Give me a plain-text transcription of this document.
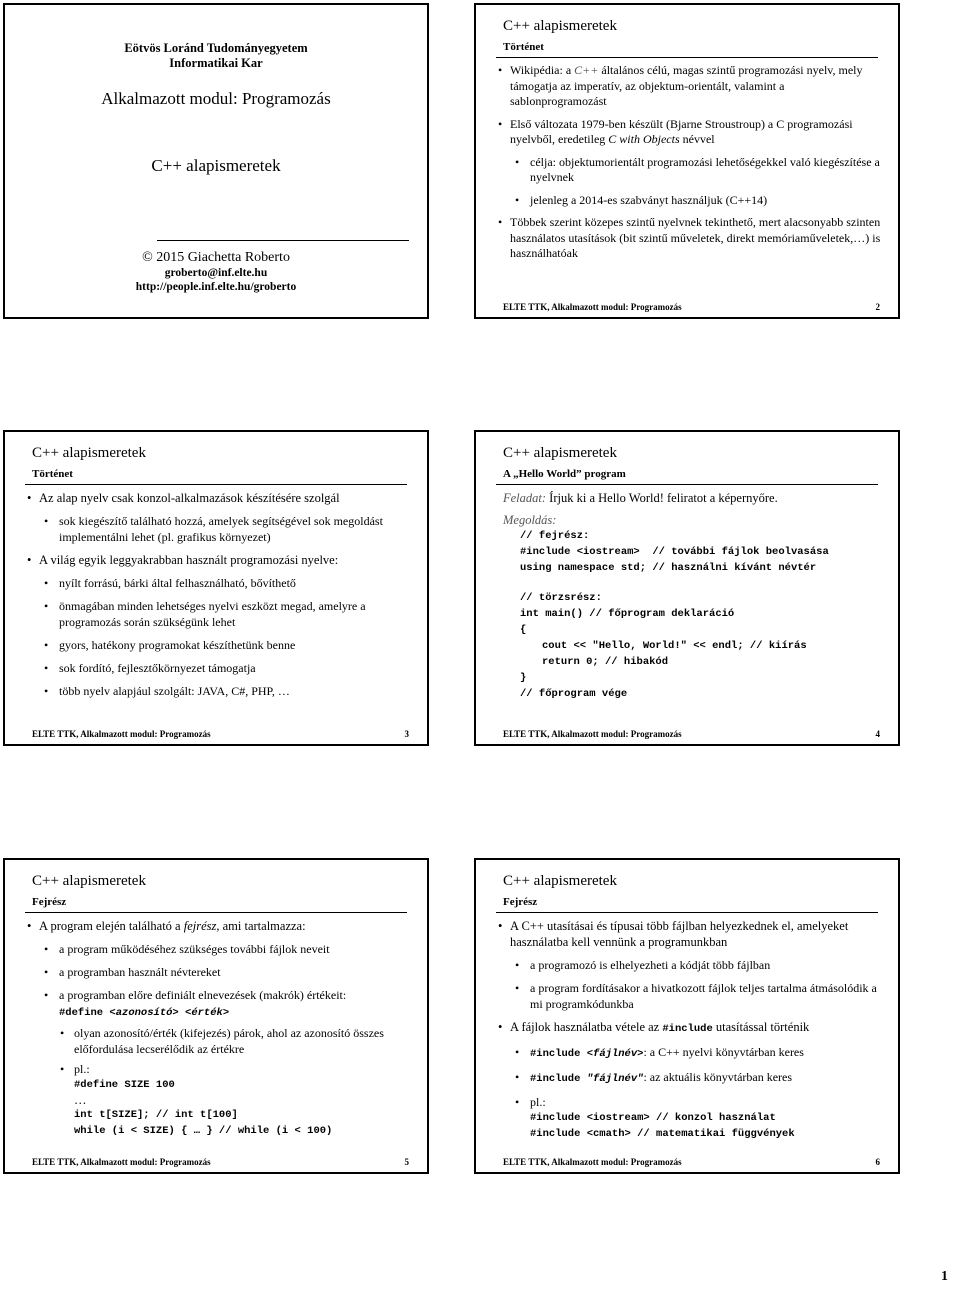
Eötvös Loránd Tudományegyetem
Informatikai Kar
Alkalmazott modul: Programozás
C++ alapismeretek
© 2015 Giachetta Roberto
groberto@inf.elte.hu
http://people.inf.elte.hu/groberto
C++ alapismeretek
Történet
• Wikipédia: a C++ általános célú, magas szintű programozási nyelv, mely támogatja az imperatív, az objektum-orientált, valamint a sablonprogramozást
• Első változata 1979-ben készült (Bjarne Stroustroup) a C programozási nyelvből, eredetileg C with Objects névvel
• célja: objektumorientált programozási lehetőségekkel való kiegészítése a nyelvnek
• jelenleg a 2014-es szabványt használjuk (C++14)
• Többek szerint közepes szintű nyelvnek tekinthető, mert alacsonyabb szinten használatos utasítások (bit szintű műveletek, direkt memóriaműveletek,…) is használhatóak
ELTE TTK, Alkalmazott modul: Programozás	2
C++ alapismeretek
Történet
• Az alap nyelv csak konzol-alkalmazások készítésére szolgál
• sok kiegészítő található hozzá, amelyek segítségével sok megoldást implementálni lehet (pl. grafikus környezet)
• A világ egyik leggyakrabban használt programozási nyelve:
• nyílt forrású, bárki által felhasználható, bővíthető
• önmagában minden lehetséges nyelvi eszközt megad, amelyre a programozás során szükségünk lehet
• gyors, hatékony programokat készíthetünk benne
• sok fordító, fejlesztőkörnyezet támogatja
• több nyelv alapjául szolgált: JAVA, C#, PHP, …
ELTE TTK, Alkalmazott modul: Programozás	3
C++ alapismeretek
A „Hello World” program
Feladat: Írjuk ki a Hello World! feliratot a képernyőre.
Megoldás:
// fejrész:
#include <iostream>  // további fájlok beolvasása
using namespace std; // használni kívánt névtér
// törzsrész:
int main() // főprogram deklaráció
{
cout << "Hello, World!" << endl; // kiírás
return 0; // hibakód
}
// főprogram vége
ELTE TTK, Alkalmazott modul: Programozás	4
C++ alapismeretek
Fejrész
• A program elején található a fejrész, ami tartalmazza:
• a program működéséhez szükséges további fájlok neveit
• a programban használt névtereket
• a programban előre definiált elnevezések (makrók) értékeit:
#define <azonosító> <érték>
• olyan azonosító/érték (kifejezés) párok, ahol az azonosító összes előfordulása lecserélődik az értékre
• pl.:
#define SIZE 100
…
int t[SIZE]; // int t[100]
while (i < SIZE) { … } // while (i < 100)
ELTE TTK, Alkalmazott modul: Programozás	5
C++ alapismeretek
Fejrész
• A C++ utasításai és típusai több fájlban helyezkednek el, amelyeket használatba kell vennünk a programunkban
• a programozó is elhelyezheti a kódját több fájlban
• a program fordításakor a hivatkozott fájlok teljes tartalma átmásolódik a mi programkódunkba
• A fájlok használatba vétele az #include utasítással történik
• #include <fájlnév>: a C++ nyelvi könyvtárban keres
• #include "fájlnév": az aktuális könyvtárban keres
• pl.:
#include <iostream> // konzol használat
#include <cmath> // matematikai függvények
ELTE TTK, Alkalmazott modul: Programozás	6
1
